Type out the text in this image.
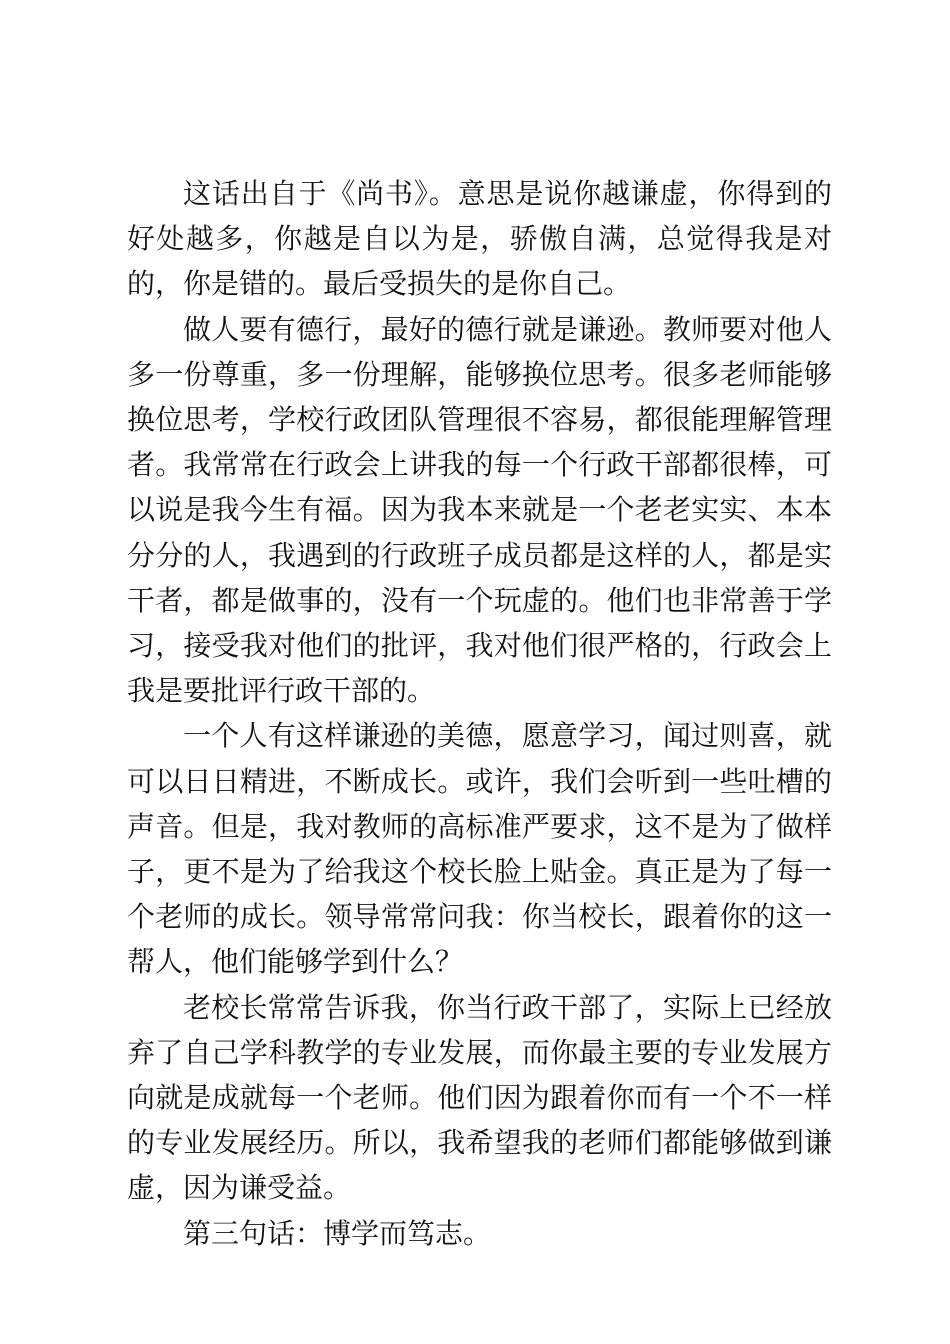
这话出自于《尚书》。意思是说你越谦虚，你得到的好处越多，你越是自以为是，骄傲自满，总觉得我是对的，你是错的。最后受损失的是你自己。

做人要有德行，最好的德行就是谦逊。教师要对他人多一份尊重，多一份理解，能够换位思考。很多老师能够换位思考，学校行政团队管理很不容易，都很能理解管理者。我常常在行政会上讲我的每一个行政干部都很棒，可以说是我今生有福。因为我本来就是一个老老实实、本本分分的人，我遇到的行政班子成员都是这样的人，都是实干者，都是做事的，没有一个玩虚的。他们也非常善于学习，接受我对他们的批评，我对他们很严格的，行政会上我是要批评行政干部的。

一个人有这样谦逊的美德，愿意学习，闻过则喜，就可以日日精进，不断成长。或许，我们会听到一些吐槽的声音。但是，我对教师的高标准严要求，这不是为了做样子，更不是为了给我这个校长脸上贴金。真正是为了每一个老师的成长。领导常常问我：你当校长，跟着你的这一帮人，他们能够学到什么？

老校长常常告诉我，你当行政干部了，实际上已经放弃了自己学科教学的专业发展，而你最主要的专业发展方向就是成就每一个老师。他们因为跟着你而有一个不一样的专业发展经历。所以，我希望我的老师们都能够做到谦虚，因为谦受益。

第三句话：博学而笃志。
